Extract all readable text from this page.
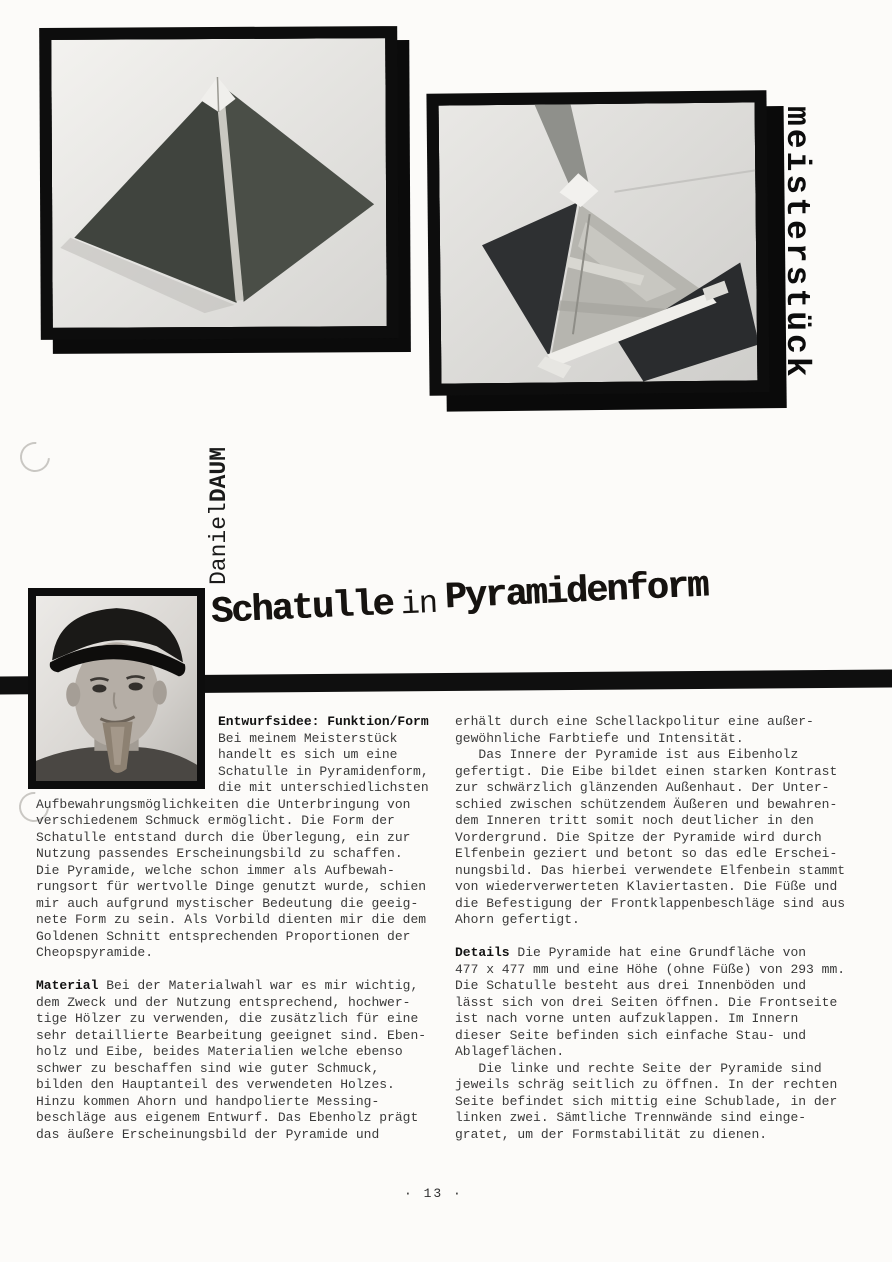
meisterstück
DanielDAUM
Schatulle in Pyramidenform
Entwurfsidee: Funktion/Form
Bei meinem Meisterstück
handelt es sich um eine
Schatulle in Pyramidenform,
die mit unterschiedlichsten
Aufbewahrungsmöglichkeiten die Unterbringung von
verschiedenem Schmuck ermöglicht. Die Form der
Schatulle entstand durch die Überlegung, ein zur
Nutzung passendes Erscheinungsbild zu schaffen.
Die Pyramide, welche schon immer als Aufbewah-
rungsort für wertvolle Dinge genutzt wurde, schien
mir auch aufgrund mystischer Bedeutung die geeig-
nete Form zu sein. Als Vorbild dienten mir die dem
Goldenen Schnitt entsprechenden Proportionen der
Cheopspyramide.

Material Bei der Materialwahl war es mir wichtig,
dem Zweck und der Nutzung entsprechend, hochwer-
tige Hölzer zu verwenden, die zusätzlich für eine
sehr detaillierte Bearbeitung geeignet sind. Eben-
holz und Eibe, beides Materialien welche ebenso
schwer zu beschaffen sind wie guter Schmuck,
bilden den Hauptanteil des verwendeten Holzes.
Hinzu kommen Ahorn und handpolierte Messing-
beschläge aus eigenem Entwurf. Das Ebenholz prägt
das äußere Erscheinungsbild der Pyramide und
erhält durch eine Schellackpolitur eine außer-
gewöhnliche Farbtiefe und Intensität.
Das Innere der Pyramide ist aus Eibenholz
gefertigt. Die Eibe bildet einen starken Kontrast
zur schwärzlich glänzenden Außenhaut. Der Unter-
schied zwischen schützendem Äußeren und bewahren-
dem Inneren tritt somit noch deutlicher in den
Vordergrund. Die Spitze der Pyramide wird durch
Elfenbein geziert und betont so das edle Erschei-
nungsbild. Das hierbei verwendete Elfenbein stammt
von wiederverwerteten Klaviertasten. Die Füße und
die Befestigung der Frontklappenbeschläge sind aus
Ahorn gefertigt.

Details Die Pyramide hat eine Grundfläche von
477 x 477 mm und eine Höhe (ohne Füße) von 293 mm.
Die Schatulle besteht aus drei Innenböden und
lässt sich von drei Seiten öffnen. Die Frontseite
ist nach vorne unten aufzuklappen. Im Innern
dieser Seite befinden sich einfache Stau- und
Ablageflächen.
Die linke und rechte Seite der Pyramide sind
jeweils schräg seitlich zu öffnen. In der rechten
Seite befindet sich mittig eine Schublade, in der
linken zwei. Sämtliche Trennwände sind einge-
gratet, um der Formstabilität zu dienen.
· 13 ·
